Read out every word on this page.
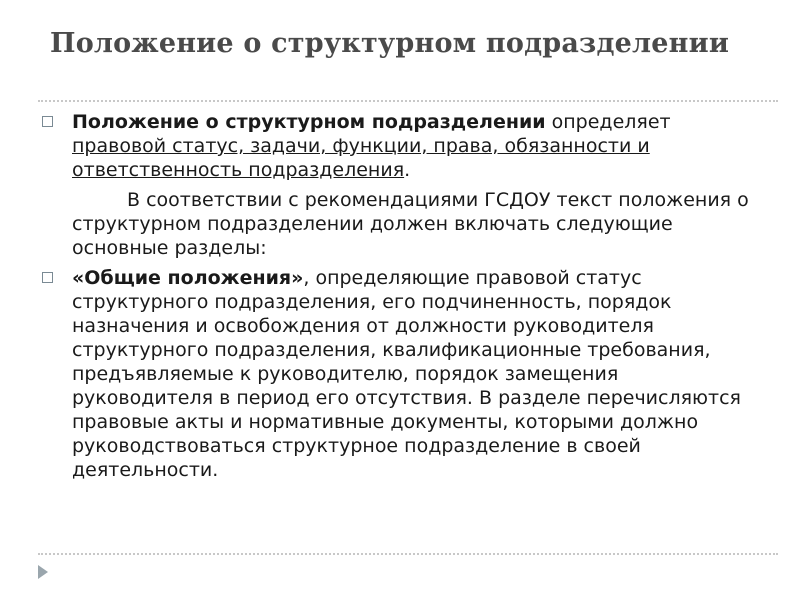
Положение о структурном подразделении

Положение о структурном подразделении определяет правовой статус, задачи, функции, права, обязанности и ответственность подразделения.

В соответствии с рекомендациями ГСДОУ текст положения о структурном подразделении должен включать следующие основные разделы:

«Общие положения», определяющие правовой статус структурного подразделения, его подчиненность, порядок назначения и освобождения от должности руководителя структурного подразделения, квалификационные требования, предъявляемые к руководителю, порядок замещения руководителя в период его отсутствия. В разделе перечисляются правовые акты и нормативные документы, которыми должно руководствоваться структурное подразделение в своей деятельности.
